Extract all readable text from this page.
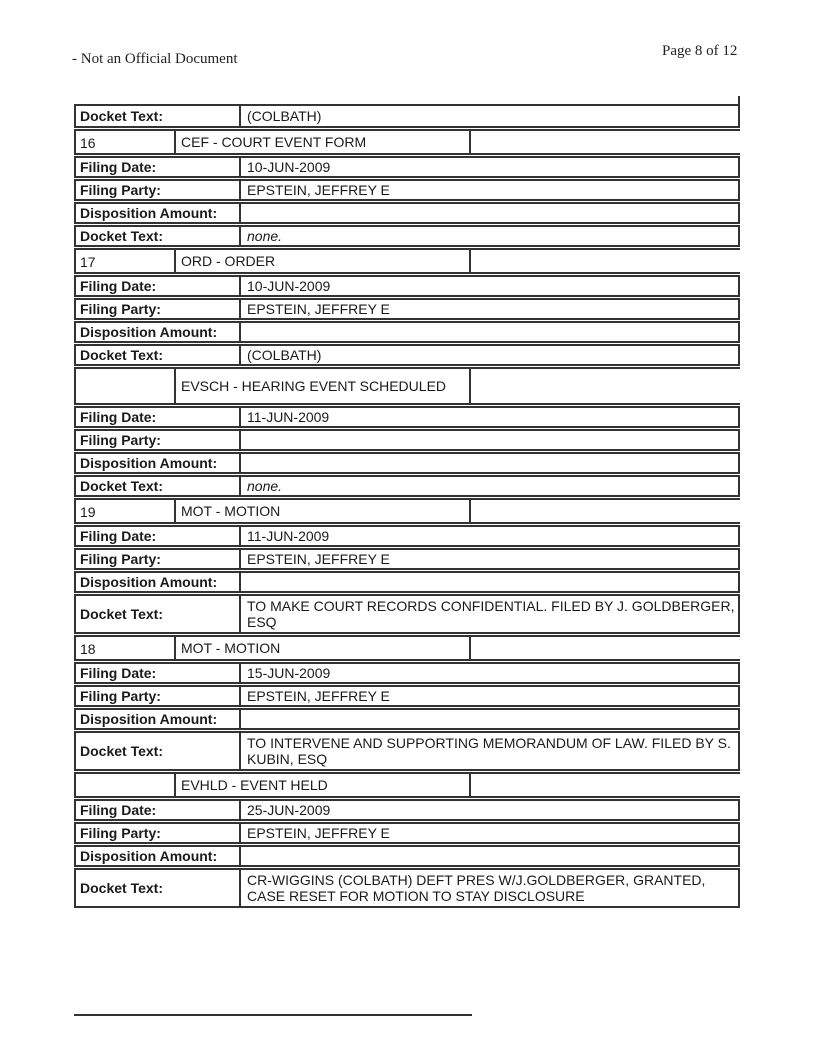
- Not an Official Document	Page 8 of 12
Docket Text:	(COLBATH)
16	CEF - COURT EVENT FORM
Filing Date:	10-JUN-2009
Filing Party:	EPSTEIN, JEFFREY E
Disposition Amount:
Docket Text:	none.
17	ORD - ORDER
Filing Date:	10-JUN-2009
Filing Party:	EPSTEIN, JEFFREY E
Disposition Amount:
Docket Text:	(COLBATH)
EVSCH - HEARING EVENT SCHEDULED
Filing Date:	11-JUN-2009
Filing Party:
Disposition Amount:
Docket Text:	none.
19	MOT - MOTION
Filing Date:	11-JUN-2009
Filing Party:	EPSTEIN, JEFFREY E
Disposition Amount:
Docket Text:	TO MAKE COURT RECORDS CONFIDENTIAL. FILED BY J. GOLDBERGER, ESQ
18	MOT - MOTION
Filing Date:	15-JUN-2009
Filing Party:	EPSTEIN, JEFFREY E
Disposition Amount:
Docket Text:	TO INTERVENE AND SUPPORTING MEMORANDUM OF LAW. FILED BY S. KUBIN, ESQ
EVHLD - EVENT HELD
Filing Date:	25-JUN-2009
Filing Party:	EPSTEIN, JEFFREY E
Disposition Amount:
Docket Text:	CR-WIGGINS (COLBATH) DEFT PRES W/J.GOLDBERGER, GRANTED, CASE RESET FOR MOTION TO STAY DISCLOSURE
